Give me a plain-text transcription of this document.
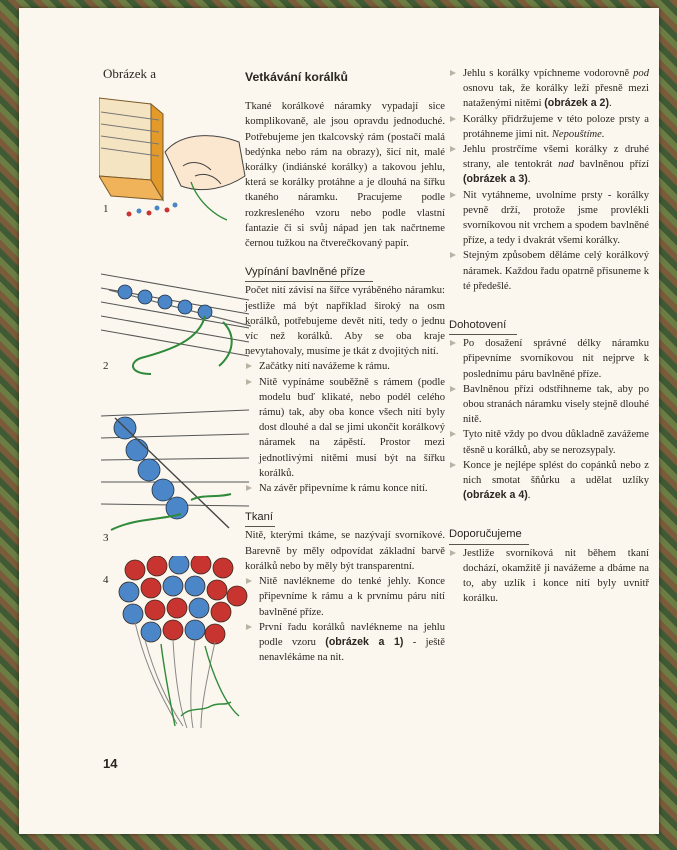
Obrázek a
1
2
3
4
14
Vetkávání korálků

Tkané korálkové náramky vypadají sice komplikovaně, ale jsou opravdu jednoduché. Potřebujeme jen tkalcovský rám (postačí malá bedýnka nebo rám na obrazy), šicí nit, malé korálky (indiánské korálky) a takovou jehlu, která se korálky protáhne a je dlouhá na šířku tkaného náramku. Pracujeme podle rozkresleného vzoru nebo podle vlastní fantazie či si svůj nápad jen tak načrtneme černou tužkou na čtverečkovaný papír.

Vypínání bavlněné příze

Počet nití závisí na šířce vyráběného náramku: jestliže má být například široký na osm korálků, potřebujeme devět nití, tedy o jednu víc než korálků. Aby se oba kraje nevytahovaly, musíme je tkát z dvojitých nití.

Začátky nití navážeme k rámu.
Nitě vypínáme souběžně s rámem (podle modelu buď klikaté, nebo podél celého rámu) tak, aby oba konce všech nití byly dost dlouhé a dal se jimi ukončit korálkový náramek na zápěstí. Prostor mezi jednotlivými nitěmi musí být na šířku korálků.
Na závěr připevníme k rámu konce nití.
Tkaní

Nitě, kterými tkáme, se nazývají svorníkové. Barevně by měly odpovídat základní barvě korálků nebo by měly být transparentní.

Nitě navlékneme do tenké jehly. Konce připevníme k rámu a k prvnímu páru nití bavlněné příze.
První řadu korálků navlékneme na jehlu podle vzoru (obrázek a 1) - ještě nenavlékáme na nit.
Jehlu s korálky vpíchneme vodorovně pod osnovu tak, že korálky leží přesně mezi nataženými nitěmi (obrázek a 2).
Korálky přidržujeme v této poloze prsty a protáhneme jimi nit. Nepouštíme.
Jehlu prostrčíme všemi korálky z druhé strany, ale tentokrát nad bavlněnou přízí (obrázek a 3).
Nit vytáhneme, uvolníme prsty - korálky pevně drží, protože jsme provlékli svorníkovou nit vrchem a spodem bavlněné příze, a tedy i dvakrát všemi korálky.
Stejným způsobem děláme celý korálkový náramek. Každou řadu opatrně přisuneme k té předešlé.
Dohotovení
Po dosažení správné délky náramku připevníme svorníkovou nit nejprve k poslednímu páru bavlněné příze.
Bavlněnou přízi odstřihneme tak, aby po obou stranách náramku visely stejně dlouhé nitě.
Tyto nitě vždy po dvou důkladně zavážeme těsně u korálků, aby se nerozsypaly.
Konce je nejlépe splést do copánků nebo z nich smotat šňůrku a udělat uzlíky (obrázek a 4).
Doporučujeme
Jestliže svorníková nit během tkaní dochází, okamžitě ji navážeme a dbáme na to, aby uzlík i konce nití byly uvnitř korálku.
